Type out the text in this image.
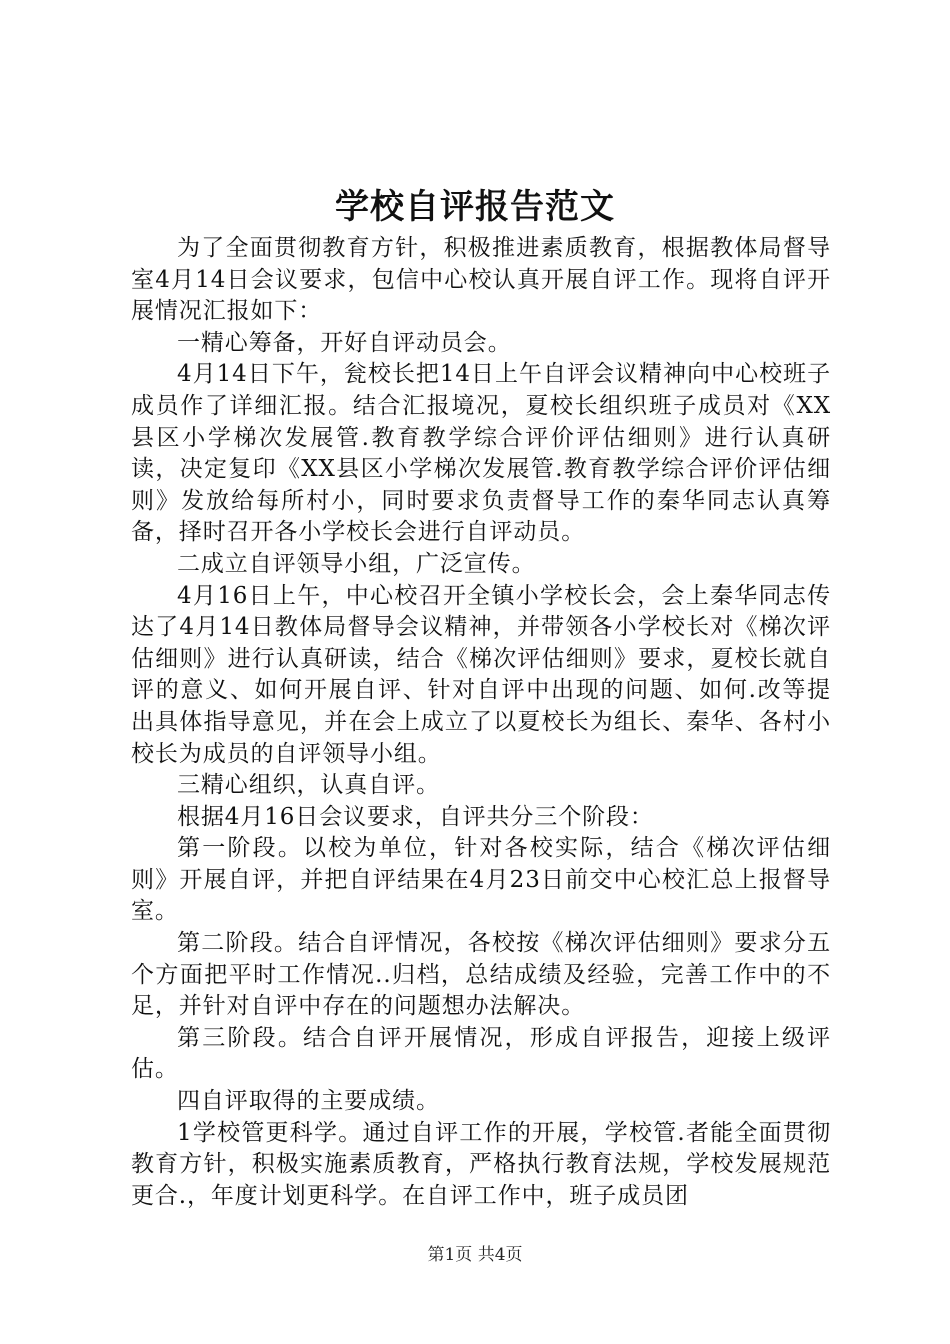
学校自评报告范文

为了全面贯彻教育方针，积极推进素质教育，根据教体局督导室4月14日会议要求，包信中心校认真开展自评工作。现将自评开展情况汇报如下：

一精心筹备，开好自评动员会。

4月14日下午，瓮校长把14日上午自评会议精神向中心校班子成员作了详细汇报。结合汇报境况，夏校长组织班子成员对《XX县区小学梯次发展管.教育教学综合评价评估细则》进行认真研读，决定复印《XX县区小学梯次发展管.教育教学综合评价评估细则》发放给每所村小，同时要求负责督导工作的秦华同志认真筹备，择时召开各小学校长会进行自评动员。

二成立自评领导小组，广泛宣传。

4月16日上午，中心校召开全镇小学校长会，会上秦华同志传达了4月14日教体局督导会议精神，并带领各小学校长对《梯次评估细则》进行认真研读，结合《梯次评估细则》要求，夏校长就自评的意义、如何开展自评、针对自评中出现的问题、如何.改等提出具体指导意见，并在会上成立了以夏校长为组长、秦华、各村小校长为成员的自评领导小组。

三精心组织，认真自评。

根据4月16日会议要求，自评共分三个阶段：

第一阶段。以校为单位，针对各校实际，结合《梯次评估细则》开展自评，并把自评结果在4月23日前交中心校汇总上报督导室。

第二阶段。结合自评情况，各校按《梯次评估细则》要求分五个方面把平时工作情况..归档，总结成绩及经验，完善工作中的不足，并针对自评中存在的问题想办法解决。

第三阶段。结合自评开展情况，形成自评报告，迎接上级评估。

四自评取得的主要成绩。

1学校管更科学。通过自评工作的开展，学校管.者能全面贯彻教育方针，积极实施素质教育，严格执行教育法规，学校发展规范更合.，年度计划更科学。在自评工作中，班子成员团

第1页 共4页
